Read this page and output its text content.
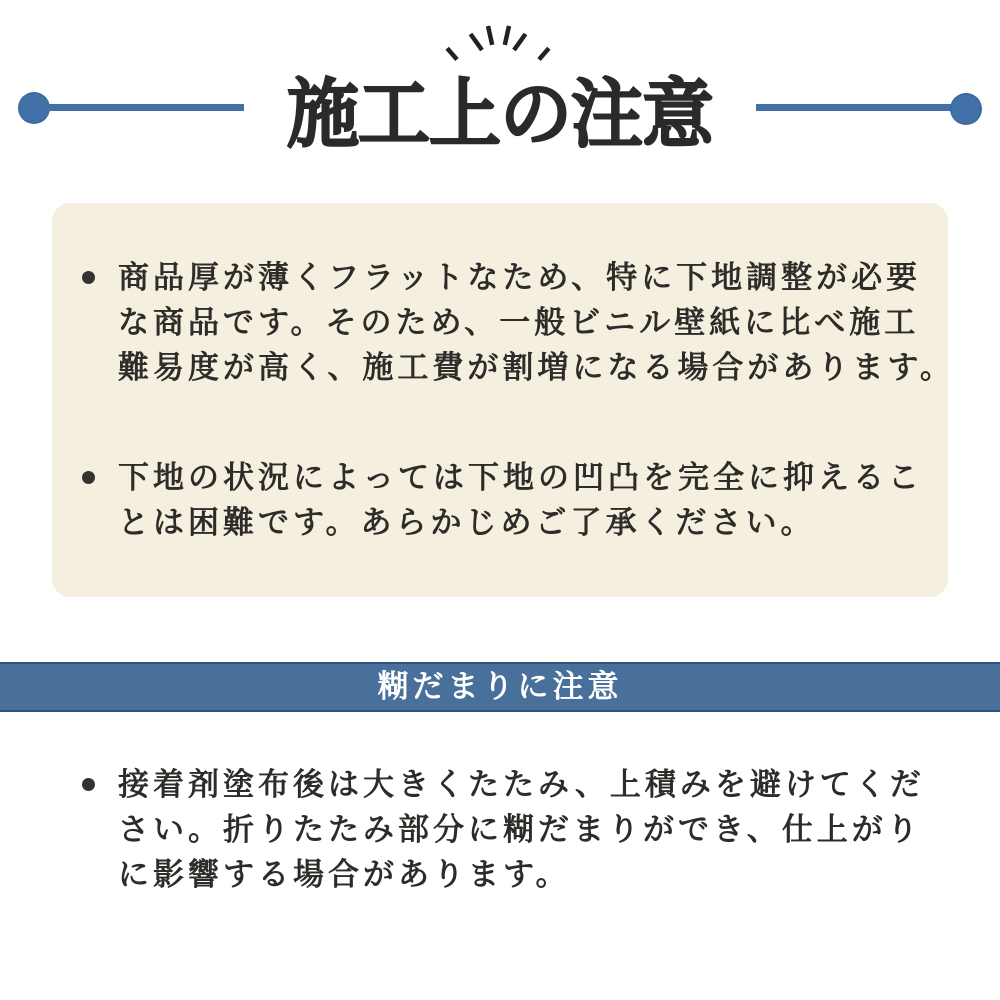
施工上の注意
商品厚が薄くフラットなため、特に下地調整が必要
な商品です。そのため、一般ビニル壁紙に比べ施工
難易度が高く、施工費が割増になる場合があります。
下地の状況によっては下地の凹凸を完全に抑えるこ
とは困難です。あらかじめご了承ください。
糊だまりに注意
接着剤塗布後は大きくたたみ、上積みを避けてくだ
さい。折りたたみ部分に糊だまりができ、仕上がり
に影響する場合があります。
